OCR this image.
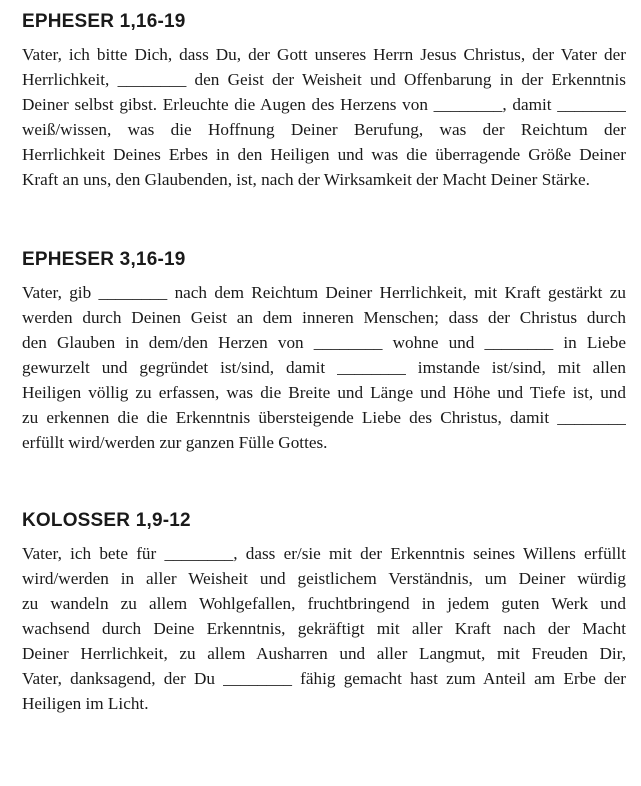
EPHESER 1,16-19
Vater, ich bitte Dich, dass Du, der Gott unseres Herrn Jesus Christus, der Vater der
Herrlichkeit, ________ den Geist der Weisheit und Offenbarung in der Erkenntnis
Deiner selbst gibst. Erleuchte die Augen des Herzens von ________, damit ________
weiß/wissen, was die Hoffnung Deiner Berufung, was der Reichtum der
Herrlichkeit Deines Erbes in den Heiligen und was die überragende Größe Deiner
Kraft an uns, den Glaubenden, ist, nach der Wirksamkeit der Macht Deiner Stärke.
EPHESER 3,16-19
Vater, gib ________ nach dem Reichtum Deiner Herrlichkeit, mit Kraft gestärkt zu
werden durch Deinen Geist an dem inneren Menschen; dass der Christus durch
den Glauben in dem/den Herzen von ________ wohne und ________ in Liebe
gewurzelt und gegründet ist/sind, damit ________ imstande ist/sind, mit allen
Heiligen völlig zu erfassen, was die Breite und Länge und Höhe und Tiefe ist, und
zu erkennen die die Erkenntnis übersteigende Liebe des Christus, damit ________
erfüllt wird/werden zur ganzen Fülle Gottes.
KOLOSSER 1,9-12
Vater, ich bete für ________, dass er/sie mit der Erkenntnis seines Willens erfüllt
wird/werden in aller Weisheit und geistlichem Verständnis, um Deiner würdig
zu wandeln zu allem Wohlgefallen, fruchtbringend in jedem guten Werk und
wachsend durch Deine Erkenntnis, gekräftigt mit aller Kraft nach der Macht
Deiner Herrlichkeit, zu allem Ausharren und aller Langmut, mit Freuden Dir,
Vater, danksagend, der Du ________ fähig gemacht hast zum Anteil am Erbe der
Heiligen im Licht.
